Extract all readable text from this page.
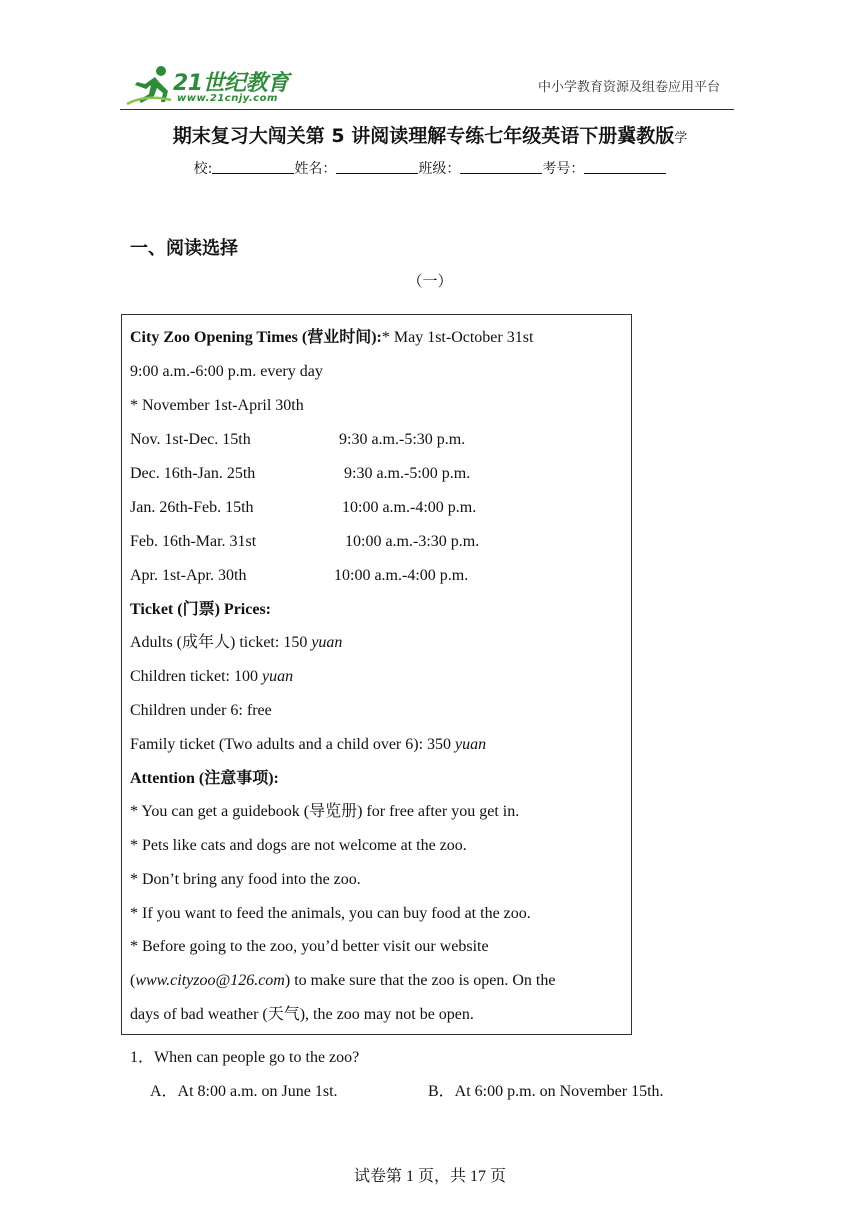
21世纪教育
www.21cnjy.com
中小学教育资源及组卷应用平台
期末复习大闯关第 5 讲阅读理解专练七年级英语下册冀教版学
校:	姓名：	班级：	考号：
一、阅读选择
（一）
City Zoo Opening Times (营业时间):* May 1st-October 31st
9:00 a.m.-6:00 p.m. every day
* November 1st-April 30th
Nov. 1st-Dec. 15th	9:30 a.m.-5:30 p.m.
Dec. 16th-Jan. 25th	9:30 a.m.-5:00 p.m.
Jan. 26th-Feb. 15th	10:00 a.m.-4:00 p.m.
Feb. 16th-Mar. 31st	10:00 a.m.-3:30 p.m.
Apr. 1st-Apr. 30th	10:00 a.m.-4:00 p.m.
Ticket (门票) Prices:
Adults (成年人) ticket: 150 yuan
Children ticket: 100 yuan
Children under 6: free
Family ticket (Two adults and a child over 6): 350 yuan
Attention (注意事项):
* You can get a guidebook (导览册) for free after you get in.
* Pets like cats and dogs are not welcome at the zoo.
* Don’t bring any food into the zoo.
* If you want to feed the animals, you can buy food at the zoo.
* Before going to the zoo, you’d better visit our website
(www.cityzoo@126.com) to make sure that the zoo is open. On the
days of bad weather (天气), the zoo may not be open.
1．When can people go to the zoo?
A．At 8:00 a.m. on June 1st.	B．At 6:00 p.m. on November 15th.
试卷第 1 页，共 17 页
